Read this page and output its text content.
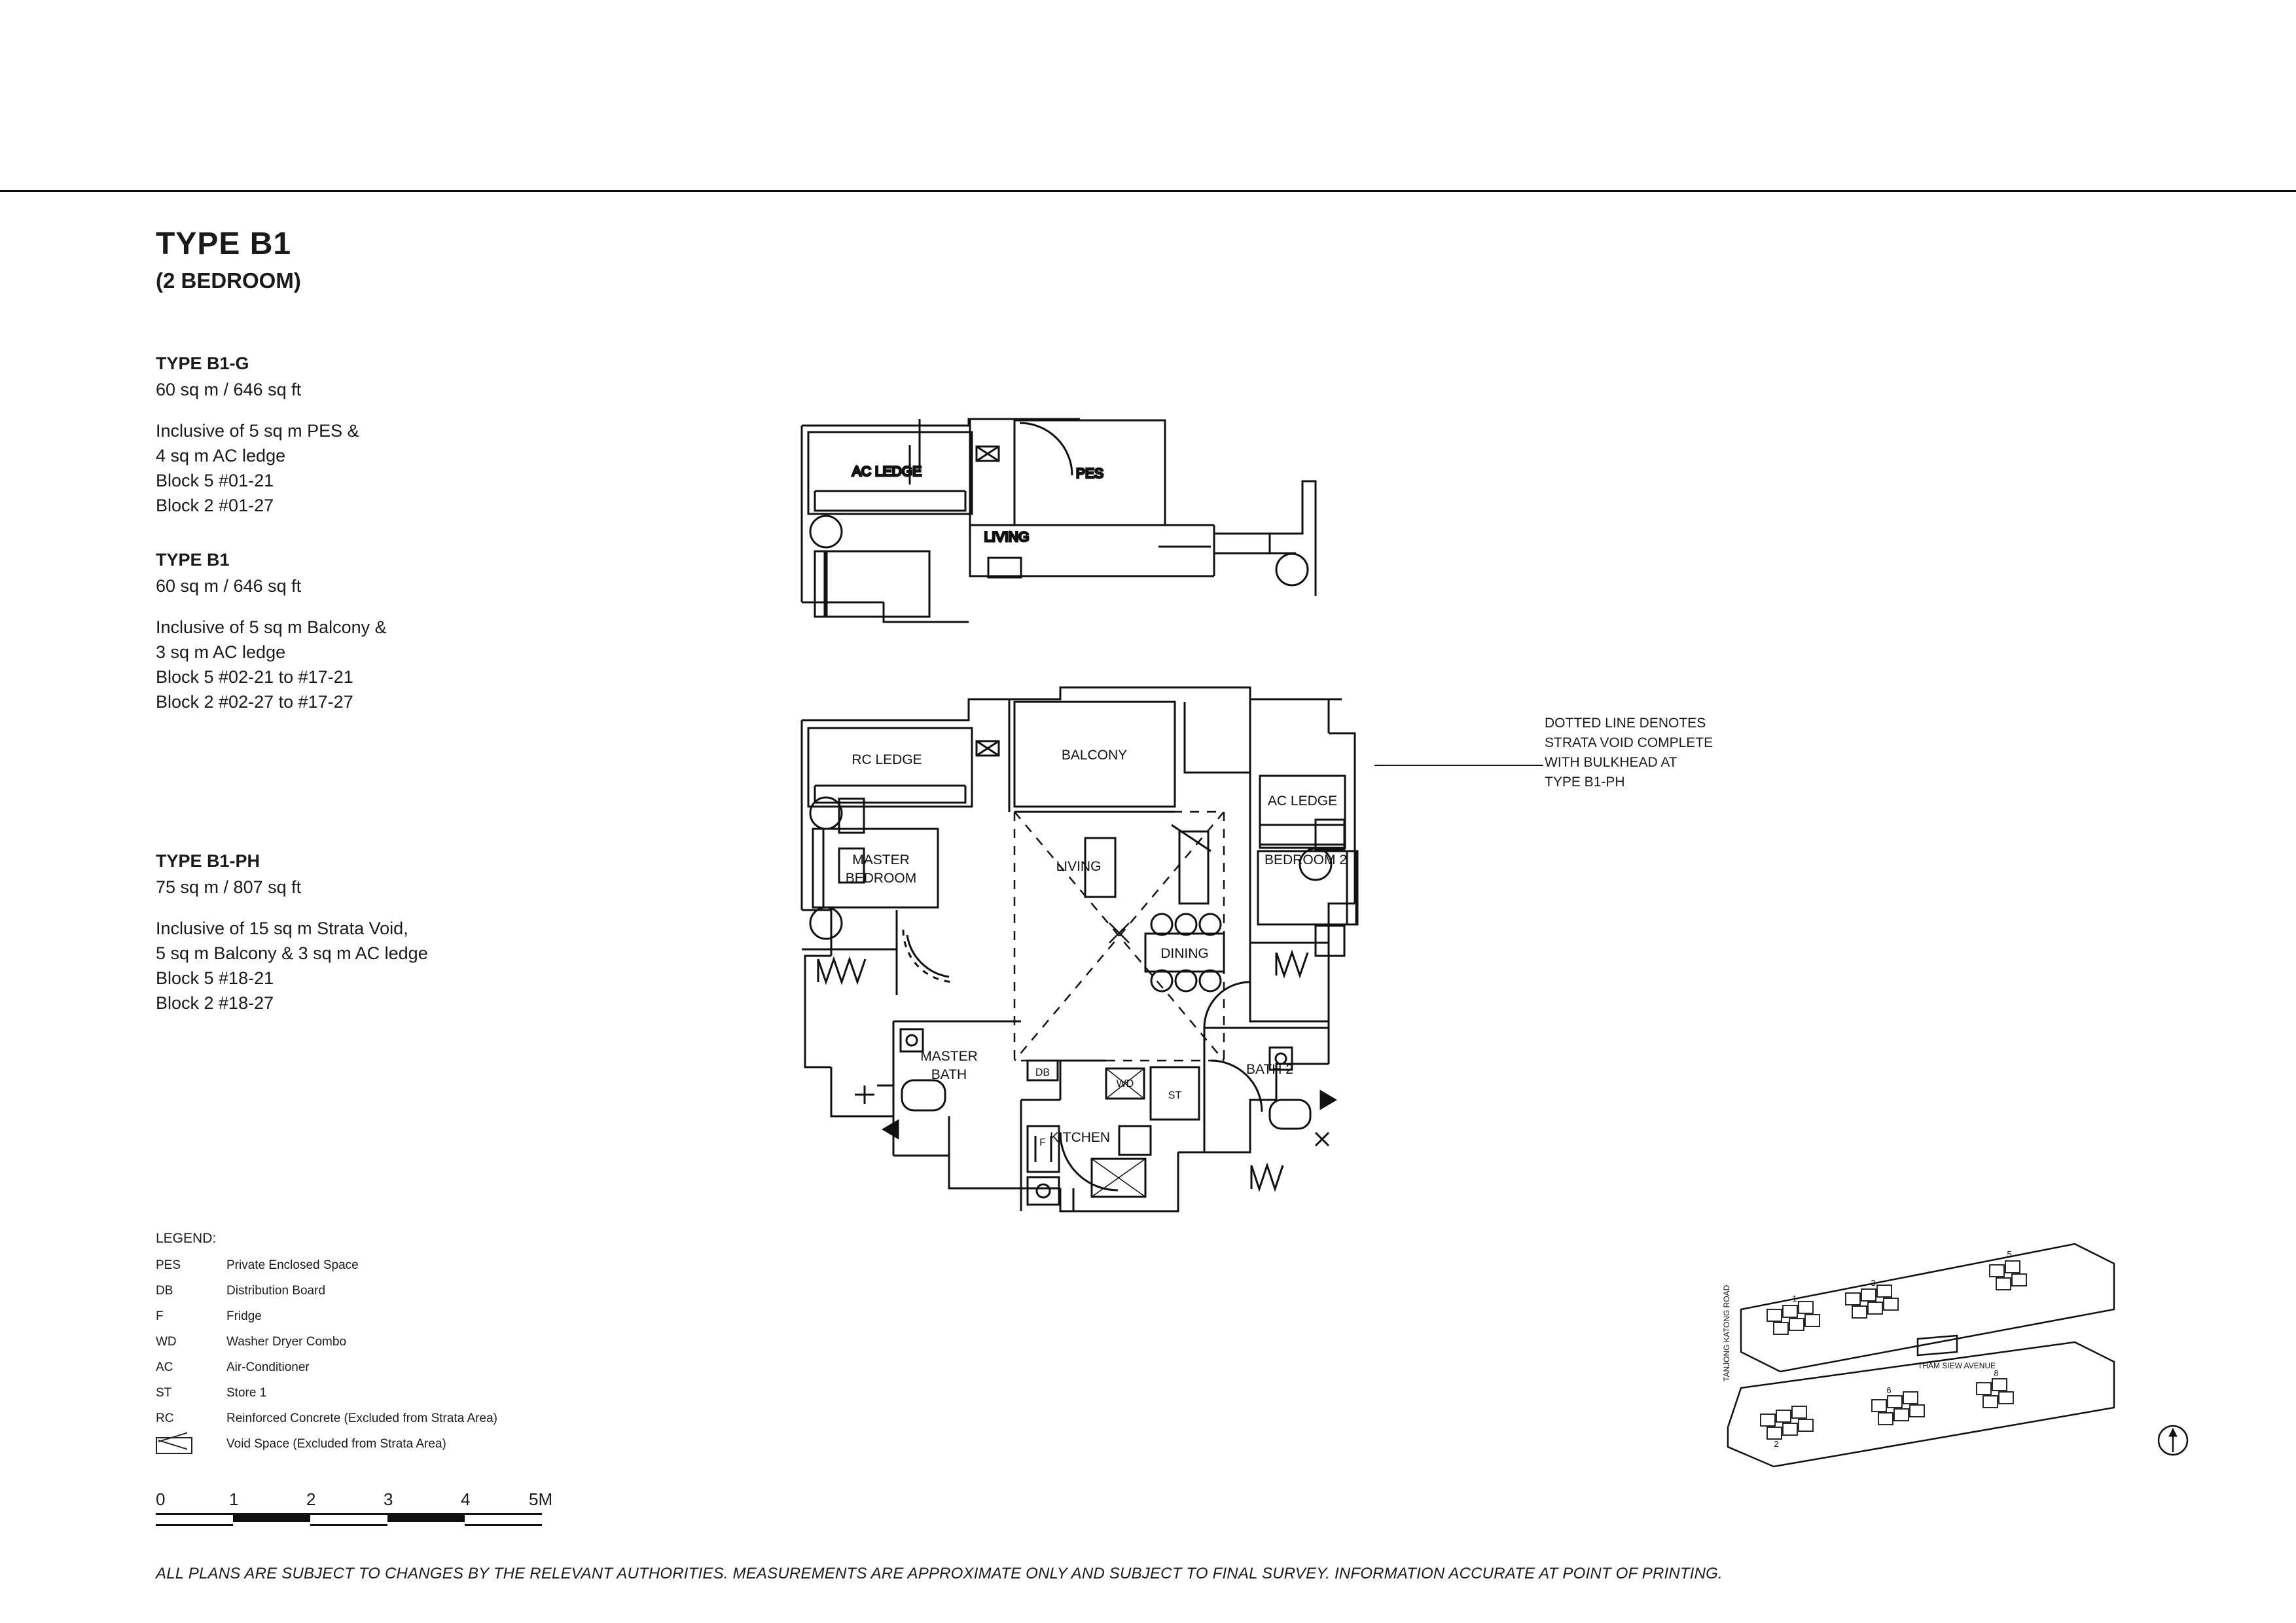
TYPE B1
(2 BEDROOM)
TYPE B1-G
60 sq m / 646 sq ft
Inclusive of 5 sq m PES &
4 sq m AC ledge
Block 5 #01-21
Block 2 #01-27
TYPE B1
60 sq m / 646 sq ft
Inclusive of 5 sq m Balcony &
3 sq m AC ledge
Block 5 #02-21 to #17-21
Block 2 #02-27 to #17-27
TYPE B1-PH
75 sq m / 807 sq ft
Inclusive of 15 sq m Strata Void,
5 sq m Balcony & 3 sq m AC ledge
Block 5 #18-21
Block 2 #18-27
LEGEND:
PES	Private Enclosed Space
DB	Distribution Board
F	Fridge
WD	Washer Dryer Combo
AC	Air-Conditioner
ST	Store 1
RC	Reinforced Concrete (Excluded from Strata Area)
	Void Space (Excluded from Strata Area)
0	1	2	3	4	5M
ALL PLANS ARE SUBJECT TO CHANGES BY THE RELEVANT AUTHORITIES. MEASUREMENTS ARE APPROXIMATE ONLY AND SUBJECT TO FINAL SURVEY. INFORMATION ACCURATE AT POINT OF PRINTING.
DOTTED LINE DENOTES
STRATA VOID COMPLETE
WITH BULKHEAD AT
TYPE B1-PH
AC LEDGE	PES
LIVING
RC LEDGE	BALCONY
AC LEDGE
MASTER
BEDROOM
LIVING	BEDROOM 2
DINING
MASTER
BATH	BATH 2
KITCHEN
DB
WD
ST
F
1
3
5
2
6
8
TANJONG KATONG ROAD	THAM SIEW AVENUE
